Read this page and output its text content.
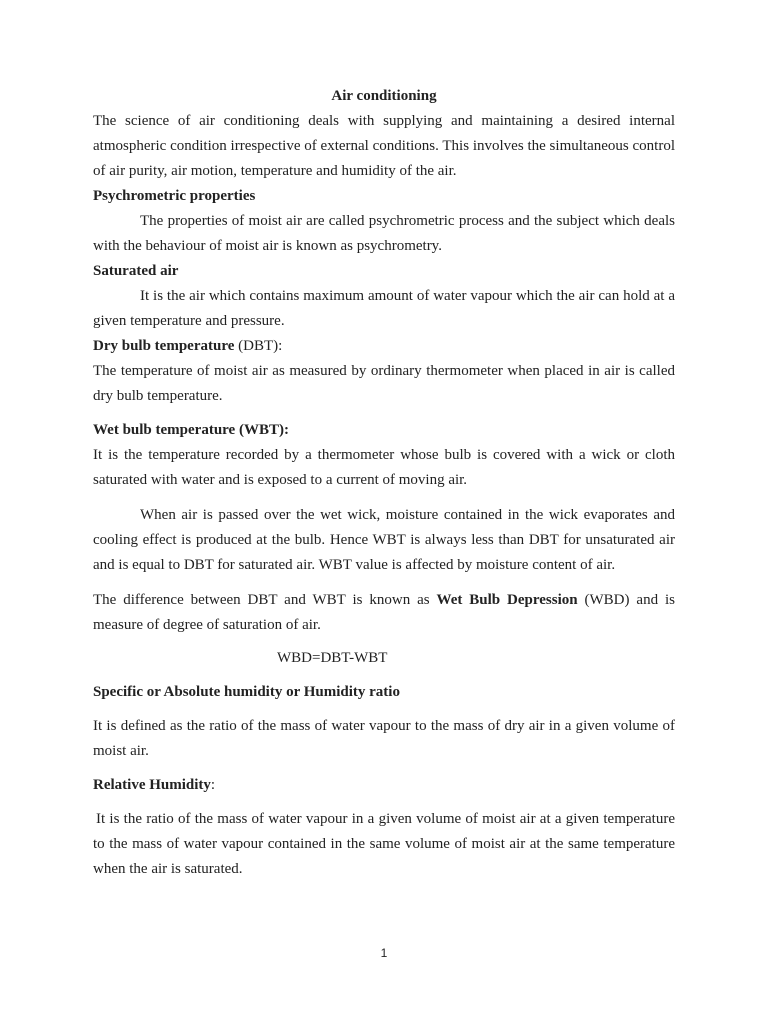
Air conditioning

The science of air conditioning deals with supplying and maintaining a desired internal atmospheric condition irrespective of external conditions. This involves the simultaneous control of air purity, air motion, temperature and humidity of the air.

Psychrometric properties

The properties of moist air are called psychrometric process and the subject which deals with the behaviour of moist air is known as psychrometry.

Saturated air

It is the air which contains maximum amount of water vapour which the air can hold at a given temperature and pressure.

Dry bulb temperature (DBT):

The temperature of moist air as measured by ordinary thermometer when placed in air is called dry bulb temperature.

Wet bulb temperature (WBT):

It is the temperature recorded by a thermometer whose bulb is covered with a wick or cloth saturated with water and is exposed to a current of moving air.

When air is passed over the wet wick, moisture contained in the wick evaporates and cooling effect is produced at the bulb. Hence WBT is always less than DBT for unsaturated air and is equal to DBT for saturated air. WBT value is affected by moisture content of air.

The difference between DBT and WBT is known as Wet Bulb Depression (WBD) and is measure of degree of saturation of air.

WBD=DBT-WBT

Specific or Absolute humidity or Humidity ratio

It is defined as the ratio of the mass of water vapour to the mass of dry air in a given volume of moist air.

Relative Humidity:

It is the ratio of the mass of water vapour in a given volume of moist air at a given temperature to the mass of water vapour contained in the same volume of moist air at the same temperature when the air is saturated.

1
